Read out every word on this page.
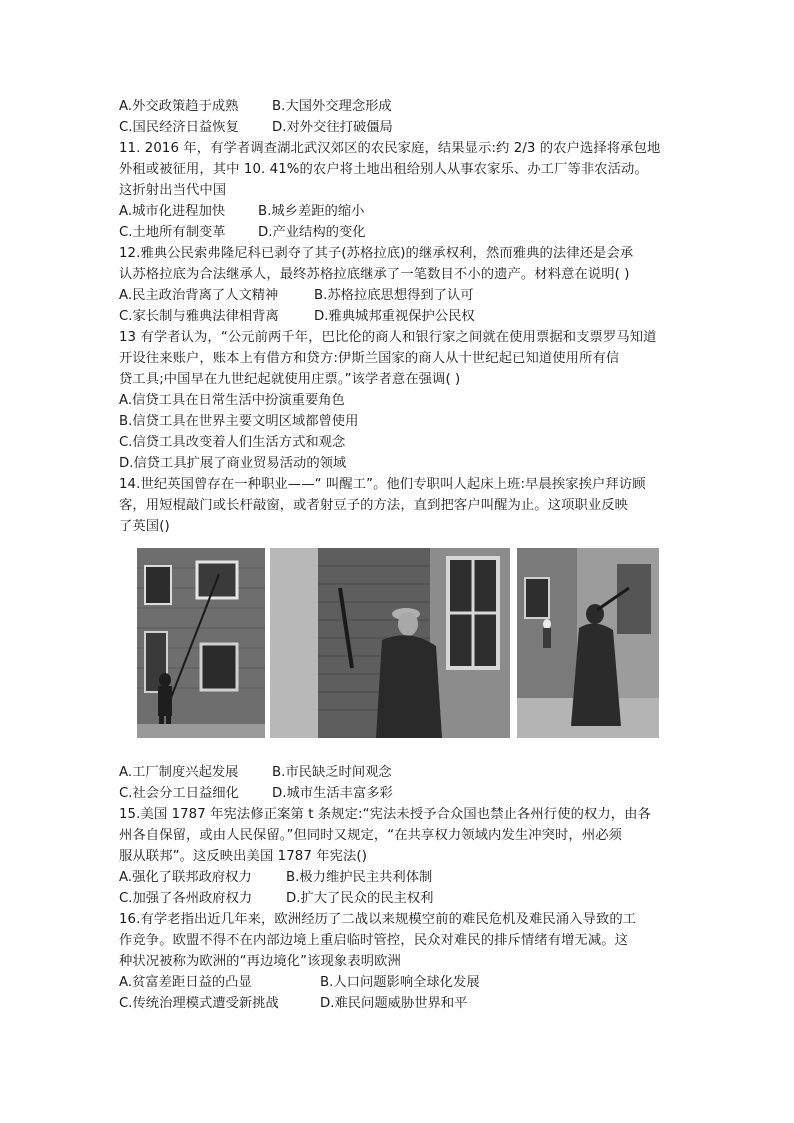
A.外交政策趋于成熟	B.大国外交理念形成
C.国民经济日益恢复 D.对外交往打破僵局
11. 2016 年，有学者调查湖北武汉郊区的农民家庭，结果显示:约 2/3 的农户选择将承包地
外租或被征用，其中 10. 41%的农户将土地出租给别人从事农家乐、办工厂等非农活动。
这折射出当代中国
A.城市化进程加快 B.城乡差距的缩小
C.土地所有制变革 D.产业结构的变化
12.雅典公民索弗隆尼科已剥夺了其子(苏格拉底)的继承权利，然而雅典的法律还是会承
认苏格拉底为合法继承人，最终苏格拉底继承了一笔数目不小的遗产。材料意在说明( )
A.民主政治背离了人文精神	B.苏格拉底思想得到了认可
C.家长制与雅典法律相背离	D.雅典城邦重视保护公民权
13 有学者认为，“公元前两千年，巴比伦的商人和银行家之间就在使用票据和支票罗马知道
开设往来账户，账本上有借方和贷方:伊斯兰国家的商人从十世纪起已知道使用所有信
贷工具;中国早在九世纪起就使用庄票。”该学者意在强调( )
A.信贷工具在日常生活中扮演重要角色
B.信贷工具在世界主要文明区域都曾使用
C.信贷工具改变着人们生活方式和观念
D.信贷工具扩展了商业贸易活动的领域
14.世纪英国曾存在一种职业——“ 叫醒工”。他们专职叫人起床上班:早晨挨家挨户拜访顾
客，用短棍敲门或长杆敲窗，或者射豆子的方法，直到把客户叫醒为止。这项职业反映
了英国()
A.工厂制度兴起发展	B.市民缺乏时间观念
C.社会分工日益细化 D.城市生活丰富多彩
15.美国 1787 年宪法修正案第 t 条规定:“宪法未授予合众国也禁止各州行使的权力，由各
州各自保留，或由人民保留。”但同时又规定，“在共享权力领域内发生冲突时，州必须
服从联邦”。这反映出美国 1787 年宪法()
A.强化了联邦政府权力	B.极力维护民主共利体制
C.加强了各州政府权力	D.扩大了民众的民主权利
16.有学老指出近几年来，欧洲经历了二战以来规模空前的难民危机及难民涌入导致的工
作竞争。欧盟不得不在内部边境上重启临时管控，民众对难民的排斥情绪有增无减。这
种状况被称为欧洲的“再边境化”该现象表明欧洲
A.贫富差距日益的凸显	B.人口问题影响全球化发展
C.传统治理模式遭受新挑战	D.难民问题威胁世界和平
